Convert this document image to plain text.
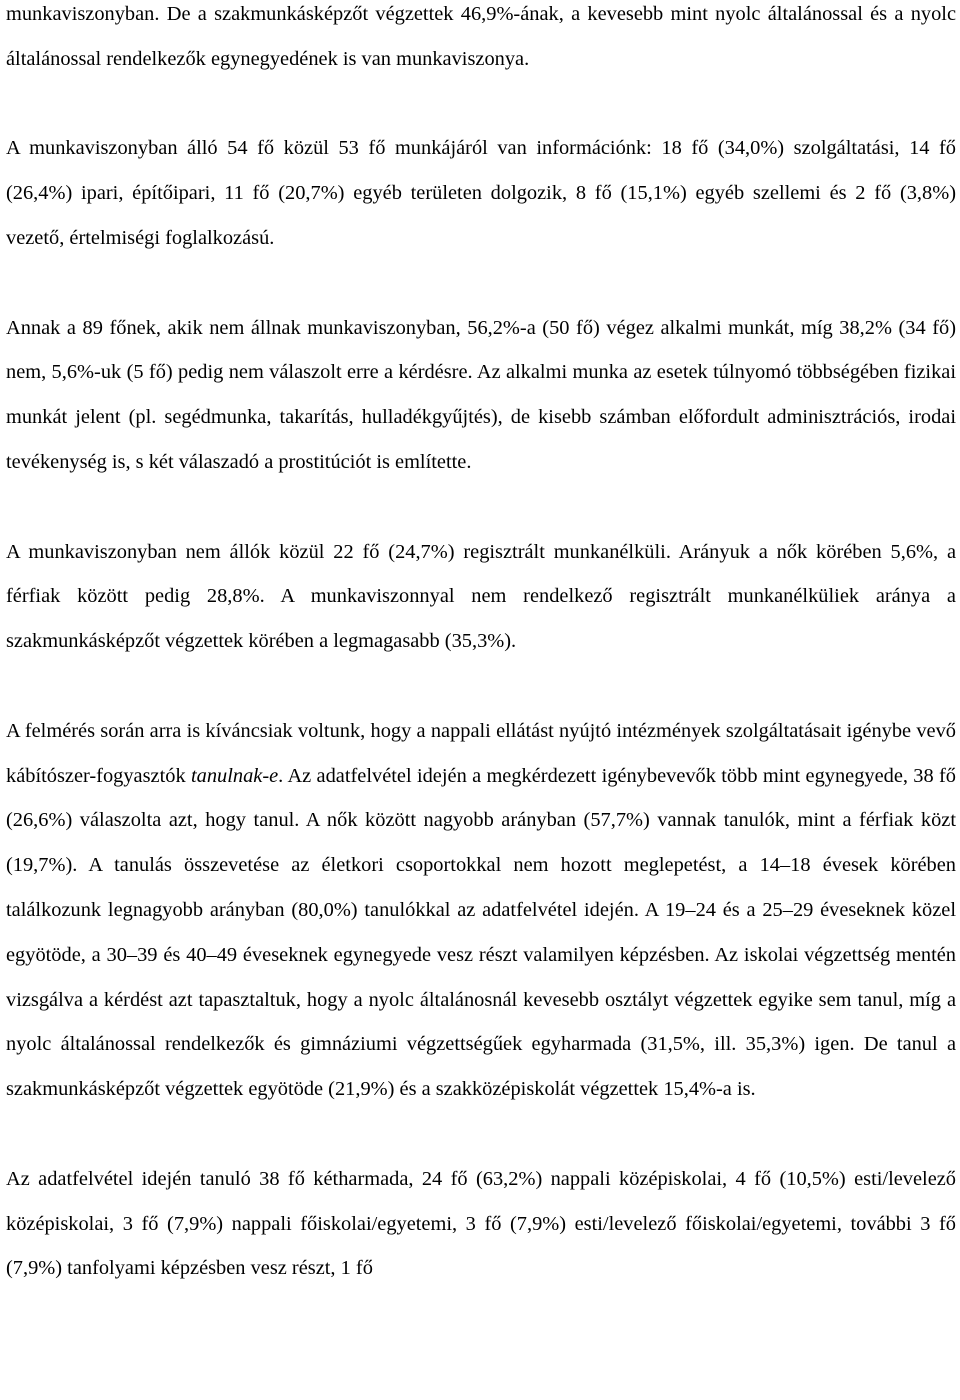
munkaviszonyban. De a szakmunkásképzőt végzettek 46,9%-ának, a kevesebb mint nyolc általánossal és a nyolc általánossal rendelkezők egynegyedének is van munkaviszonya.

A munkaviszonyban álló 54 fő közül 53 fő munkájáról van információnk: 18 fő (34,0%) szolgáltatási, 14 fő (26,4%) ipari, építőipari, 11 fő (20,7%) egyéb területen dolgozik, 8 fő (15,1%) egyéb szellemi és 2 fő (3,8%) vezető, értelmiségi foglalkozású.

Annak a 89 főnek, akik nem állnak munkaviszonyban, 56,2%-a (50 fő) végez alkalmi munkát, míg 38,2% (34 fő) nem, 5,6%-uk (5 fő) pedig nem válaszolt erre a kérdésre. Az alkalmi munka az esetek túlnyomó többségében fizikai munkát jelent (pl. segédmunka, takarítás, hulladékgyűjtés), de kisebb számban előfordult adminisztrációs, irodai tevékenység is, s két válaszadó a prostitúciót is említette.

A munkaviszonyban nem állók közül 22 fő (24,7%) regisztrált munkanélküli. Arányuk a nők körében 5,6%, a férfiak között pedig 28,8%. A munkaviszonnyal nem rendelkező regisztrált munkanélküliek aránya a szakmunkásképzőt végzettek körében a legmagasabb (35,3%).

A felmérés során arra is kíváncsiak voltunk, hogy a nappali ellátást nyújtó intézmények szolgáltatásait igénybe vevő kábítószer-fogyasztók tanulnak-e. Az adatfelvétel idején a megkérdezett igénybevevők több mint egynegyede, 38 fő (26,6%) válaszolta azt, hogy tanul. A nők között nagyobb arányban (57,7%) vannak tanulók, mint a férfiak közt (19,7%). A tanulás összevetése az életkori csoportokkal nem hozott meglepetést, a 14–18 évesek körében találkozunk legnagyobb arányban (80,0%) tanulókkal az adatfelvétel idején. A 19–24 és a 25–29 éveseknek közel egyötöde, a 30–39 és 40–49 éveseknek egynegyede vesz részt valamilyen képzésben. Az iskolai végzettség mentén vizsgálva a kérdést azt tapasztaltuk, hogy a nyolc általánosnál kevesebb osztályt végzettek egyike sem tanul, míg a nyolc általánossal rendelkezők és gimnáziumi végzettségűek egyharmada (31,5%, ill. 35,3%) igen. De tanul a szakmunkásképzőt végzettek egyötöde (21,9%) és a szakközépiskolát végzettek 15,4%-a is.

Az adatfelvétel idején tanuló 38 fő kétharmada, 24 fő (63,2%) nappali középiskolai, 4 fő (10,5%) esti/levelező középiskolai, 3 fő (7,9%) nappali főiskolai/egyetemi, 3 fő (7,9%) esti/levelező főiskolai/egyetemi, további 3 fő (7,9%) tanfolyami képzésben vesz részt, 1 fő
